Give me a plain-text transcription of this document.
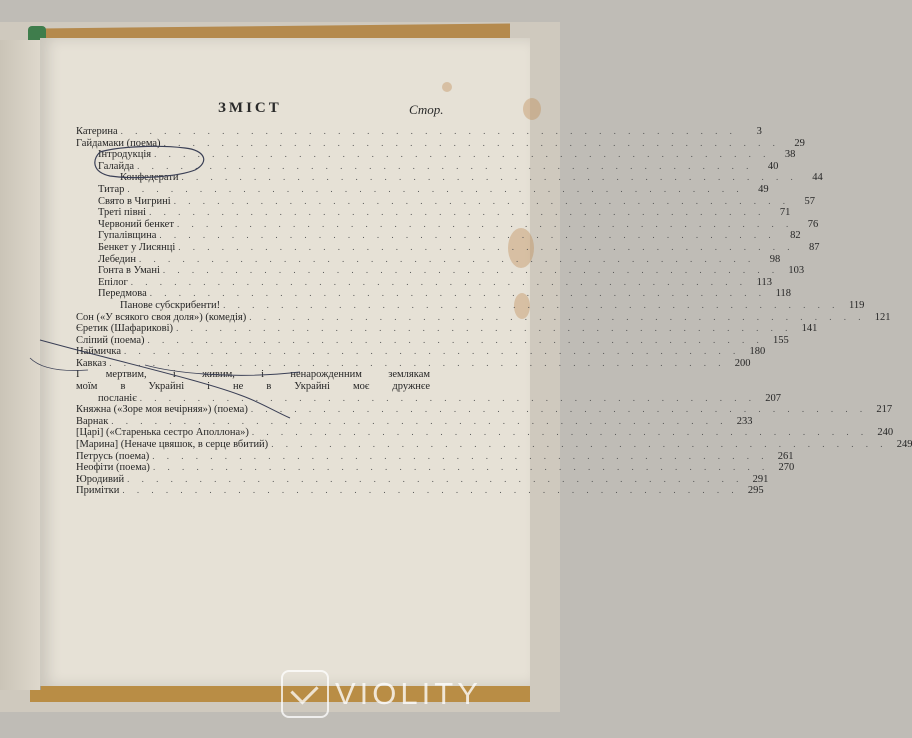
ЗМІСТ	Стор.
Катерина . . . . . . . . . . . . . . . . . . . . . . . . . . . . . . . . . . . . . . . . . . .	3
Гайдамаки (поема) . . . . . . . . . . . . . . . . . . . . . . . . . . . . . . . . . . . . . . . . . . .	29
Інтродукція . . . . . . . . . . . . . . . . . . . . . . . . . . . . . . . . . . . . . . . . . . .	38
Галайда . . . . . . . . . . . . . . . . . . . . . . . . . . . . . . . . . . . . . . . . . . .	40
Конфедерати . . . . . . . . . . . . . . . . . . . . . . . . . . . . . . . . . . . . . . . . . . .	44
Титар . . . . . . . . . . . . . . . . . . . . . . . . . . . . . . . . . . . . . . . . . . .	49
Свято в Чигрині . . . . . . . . . . . . . . . . . . . . . . . . . . . . . . . . . . . . . . . . . . .	57
Треті півні . . . . . . . . . . . . . . . . . . . . . . . . . . . . . . . . . . . . . . . . . . .	71
Червоний бенкет . . . . . . . . . . . . . . . . . . . . . . . . . . . . . . . . . . . . . . . . . . .	76
Гупалівщина . . . . . . . . . . . . . . . . . . . . . . . . . . . . . . . . . . . . . . . . . . .	82
Бенкет у Лисянці . . . . . . . . . . . . . . . . . . . . . . . . . . . . . . . . . . . . . . . . . . .	87
Лебедин . . . . . . . . . . . . . . . . . . . . . . . . . . . . . . . . . . . . . . . . . . .	98
Гонта в Умані . . . . . . . . . . . . . . . . . . . . . . . . . . . . . . . . . . . . . . . . . . . 103
Епілог . . . . . . . . . . . . . . . . . . . . . . . . . . . . . . . . . . . . . . . . . . . 113
Передмова . . . . . . . . . . . . . . . . . . . . . . . . . . . . . . . . . . . . . . . . . . . 118
Панове субскрибенти! . . . . . . . . . . . . . . . . . . . . . . . . . . . . . . . . . . . . . . . . . . . 119
Сон («У всякого своя доля») (комедія) . . . . . . . . . . . . . . . . . . . . . . . . . . . . . . . . . . . . . . . . . . . 121
Єретик (Шафарикові) . . . . . . . . . . . . . . . . . . . . . . . . . . . . . . . . . . . . . . . . . . . 141
Сліпий (поема) . . . . . . . . . . . . . . . . . . . . . . . . . . . . . . . . . . . . . . . . . . . 155
Наймичка . . . . . . . . . . . . . . . . . . . . . . . . . . . . . . . . . . . . . . . . . . . 180
Кавказ . . . . . . . . . . . . . . . . . . . . . . . . . . . . . . . . . . . . . . . . . . . 200
І мертвим, і живим, і ненарожденним землякам
моїм в Украйні і не в Украйні моє дружнєе
посланіє . . . . . . . . . . . . . . . . . . . . . . . . . . . . . . . . . . . . . . . . . . . 207
Княжна («Зоре моя вечірняя») (поема) . . . . . . . . . . . . . . . . . . . . . . . . . . . . . . . . . . . . . . . . . . . 217
Варнак . . . . . . . . . . . . . . . . . . . . . . . . . . . . . . . . . . . . . . . . . . . 233
[Царі] («Старенька сестро Аполлона») . . . . . . . . . . . . . . . . . . . . . . . . . . . . . . . . . . . . . . . . . . . 240
[Марина] (Неначе цвяшок, в серце вбитий) . . . . . . . . . . . . . . . . . . . . . . . . . . . . . . . . . . . . . . . . . . . 249
Петрусь (поема) . . . . . . . . . . . . . . . . . . . . . . . . . . . . . . . . . . . . . . . . . . . 261
Неофіти (поема) . . . . . . . . . . . . . . . . . . . . . . . . . . . . . . . . . . . . . . . . . . . 270
Юродивий . . . . . . . . . . . . . . . . . . . . . . . . . . . . . . . . . . . . . . . . . . . 291
Примітки . . . . . . . . . . . . . . . . . . . . . . . . . . . . . . . . . . . . . . . . . . . 295
VIOLITY
